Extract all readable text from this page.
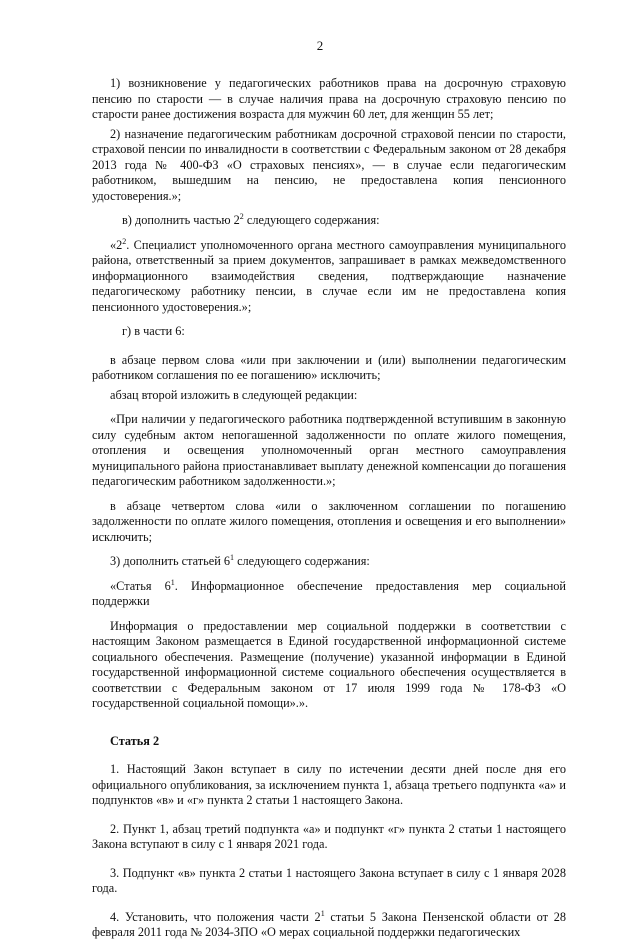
2

1) возникновение у педагогических работников права на досрочную страховую пенсию по старости — в случае наличия права на досрочную страховую пенсию по старости ранее достижения возраста для мужчин 60 лет, для женщин 55 лет;

2) назначение педагогическим работникам досрочной страховой пенсии по старости, страховой пенсии по инвалидности в соответствии с Федеральным законом от 28 декабря 2013 года № 400-ФЗ «О страховых пенсиях», — в случае если педагогическим работником, вышедшим на пенсию, не предоставлена копия пенсионного удостоверения.»;

в) дополнить частью $2^2$ следующего содержания:

«$2^2$. Специалист уполномоченного органа местного самоуправления муниципального района, ответственный за прием документов, запрашивает в рамках межведомственного информационного взаимодействия сведения, подтверждающие назначение педагогическому работнику пенсии, в случае если им не предоставлена копия пенсионного удостоверения.»;

г) в части 6:

в абзаце первом слова «или при заключении и (или) выполнении педагогическим работником соглашения по ее погашению» исключить;

абзац второй изложить в следующей редакции:

«При наличии у педагогического работника подтвержденной вступившим в законную силу судебным актом непогашенной задолженности по оплате жилого помещения, отопления и освещения уполномоченный орган местного самоуправления муниципального района приостанавливает выплату денежной компенсации до погашения педагогическим работником задолженности.»;

в абзаце четвертом слова «или о заключенном соглашении по погашению задолженности по оплате жилого помещения, отопления и освещения и его выполнении» исключить;

3) дополнить статьей $6^1$ следующего содержания:

«Статья $6^1$. Информационное обеспечение предоставления мер социальной поддержки

Информация о предоставлении мер социальной поддержки в соответствии с настоящим Законом размещается в Единой государственной информационной системе социального обеспечения. Размещение (получение) указанной информации в Единой государственной информационной системе социального обеспечения осуществляется в соответствии с Федеральным законом от 17 июля 1999 года № 178-ФЗ «О государственной социальной помощи».».

Статья 2

1. Настоящий Закон вступает в силу по истечении десяти дней после дня его официального опубликования, за исключением пункта 1, абзаца третьего подпункта «а» и подпунктов «в» и «г» пункта 2 статьи 1 настоящего Закона.

2. Пункт 1, абзац третий подпункта «а» и подпункт «г» пункта 2 статьи 1 настоящего Закона вступают в силу с 1 января 2021 года.

3. Подпункт «в» пункта 2 статьи 1 настоящего Закона вступает в силу с 1 января 2028 года.

4. Установить, что положения части $2^1$ статьи 5 Закона Пензенской области от 28 февраля 2011 года № 2034-ЗПО «О мерах социальной поддержки педагогических
